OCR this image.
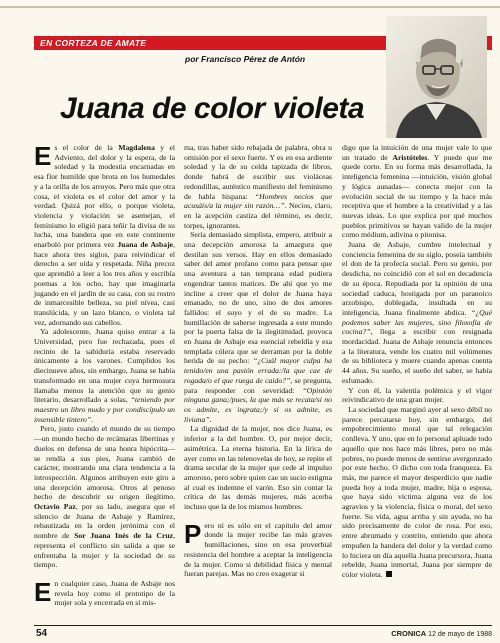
EN CORTEZA DE AMATE
por Francisco Pérez de Antón
Juana de color violeta

Es el color de la Magdalena y el Adviento, del dolor y la espera, de la soledad y la modestia encarnadas en esa flor humilde que brota en los humedales y a la orilla de los arroyos. Pero más que otra cosa, el violeta es el color del amor y la verdad. Quizá por ello, o porque violeta, violencia y violación se asemejan, el feminismo lo eligió para teñir la divisa de su lucha, una bandera que en este continente enarboló por primera vez Juana de Asbaje, hace ahora tres siglos, para reivindicar el derecho a ser oída y respetada. Niña precoz que aprendió a leer a los tres años y escribía poemas a los ocho, hay que imaginarla jugando en el jardín de su casa, con su rostro de inmarcesible belleza, su piel nívea, casi translúcida, y un lazo blanco, o violeta tal vez, adornando sus cabellos.

Ya adolescente, Juana quiso entrar a la Universidad, pero fue rechazada, pues el recinto de la sabiduría estaba reservado únicamente a los varones. Cumplidos los diecinueve años, sin embargo, Juana se había transformado en una mujer cuya hermosura llamaba menos la atención que su genio literario, desarrollado a solas, “teniendo por maestro un libro mudo y por condiscípulo un insensible tintero”.

Pero, justo cuando el mundo de su tiempo —un mundo hecho de recámaras libertinas y duelos en defensa de una honra hipócrita— se rendía a sus pies, Juana cambió de carácter, mostrando una clara tendencia a la introspección. Algunos atribuyen este giro a una decepción amorosa. Otros al penoso hecho de descubrir su origen ilegítimo. Octavio Paz, por su lado, asegura que el silencio de Juana de Asbaje y Ramírez, rebautizada en la orden jerónima con el nombre de Sor Juana Inés de la Cruz, representa el conflicto sin salida a que se enfrentaba la mujer y la sociedad de su tiempo.

En cualquier caso, Juana de Asbaje nos revela hoy como el prototipo de la mujer sola y encerrada en sí mis-

ma, tras haber sido rebajada de palabra, obra u omisión por el sexo fuerte. Y es en esa ardiente soledad y la de su celda tapizada de libros, donde habrá de escribir sus violáceas redondillas, auténtico manifiesto del feminismo de habla hispana: “Hombres necios que acusáis/a la mujer sin razón…”. Necios, claro, en la acepción castiza del término, es decir, torpes, ignorantes.

Sería demasiado simplista, empero, atribuir a una decepción amorosa la amargura que destilan sus versos. Hay en ellos demasiado saber del amor profano como para pensar que una aventura a tan temprana edad pudiera engendrar tantos matices. De ahí que yo me incline a creer que el dolor de Juana haya emanado, no de uno, sino de dos amores fallidos: el suyo y el de su madre. La humillación de saberse ingresada a este mundo por la puerta falsa de la ilegitimidad, provoca en Juana de Asbaje esa esencial rebeldía y esa templada cólera que se derraman por la doble herida de su pecho: “¿Cuál mayor culpa ha tenido/en una pasión errada:/la que cae de rogada/o el que ruega de caído?”, se pregunta, para responder con severidad: “Opinión ninguna gana;/pues, la que más se recata/si no os admite, es ingrata;/y si os admite, es liviana”.

La dignidad de la mujer, nos dice Juana, es inferior a la del hombre. O, por mejor decir, asimétrica. La eterna historia. En la lírica de ayer como en las telenovelas de hoy, se repite el drama secular de la mujer que cede al impulso amoroso, pero sobre quien cae un sucio estigma al cual es indemne el varón. Eso sin contar la crítica de las demás mujeres, más acerba incluso que la de los mismos hombres.

Pero ni es sólo en el capítulo del amor donde la mujer recibe las más graves humillaciones, sino en esa proverbial resistencia del hombre a aceptar la inteligencia de la mujer. Como si debilidad física y mental fueran parejas. Mas no creo exagerar si

digo que la intuición de una mujer vale lo que un tratado de Aristóteles. Y puede que me quede corto. En su forma más desarrollada, la inteligencia femenina —intuición, visión global y lógica aunadas— conecta mejor con la evolución social de su tiempo y la hace más receptiva que el hombre a la creatividad y a las nuevas ideas. Lo que explica por qué muchos pueblos primitivos se hayan valido de la mujer como médium, adivina o pitonisa.

Juana de Asbaje, cumbre intelectual y conciencia femenina de su siglo, poseía también el don de la profecía social. Pero su genio, por desdicha, no coincidió con el sol en decadencia de su época. Repudiada por la opinión de una sociedad caduca, hostigada por un paranoico arzobispo, doblegada, insultada en su inteligencia, Juana finalmente abdica. “¿Qué podemos saber las mujeres, sino filosofía de cocina?”, llega a escribir con resignada mordacidad. Juana de Asbaje renuncia entonces a la literatura, vende los cuatro mil volúmenes de su biblioteca y muere cuando apenas cuenta 44 años. Su sueño, el sueño del saber, se había esfumado.

Y con él, la valentía polémica y el vigor reivindicativo de una gran mujer.

La sociedad que marginó ayer al sexo débil no parece percatarse hoy, sin embargo, del empobrecimiento moral que tal relegación conlleva. Y uno, que en lo personal apluade todo aquello que nos hace más libres, pero no más pobres, no puede menos de sentirse avergonzado por este hecho. O dicho con toda franqueza. Es más, me parece el mayor desperdicio que nadie pueda hoy a toda mujer, madre, hija o esposa, que haya sido víctima alguna vez de los agravios y la violencia, física o moral, del sexo fuerte. Su vida, agua arriba y sin ayuda, no ha sido precisamente de color de rosa. Por eso, entre abrumado y contrito, entiendo que ahora empuñen la bandera del dolor y la verdad como lo hiciera un día aquella Juana precursora, Juana rebelde, Juana inmortal, Juana por siempre de color violeta.

54	CRONICA 12 de mayo de 1988
